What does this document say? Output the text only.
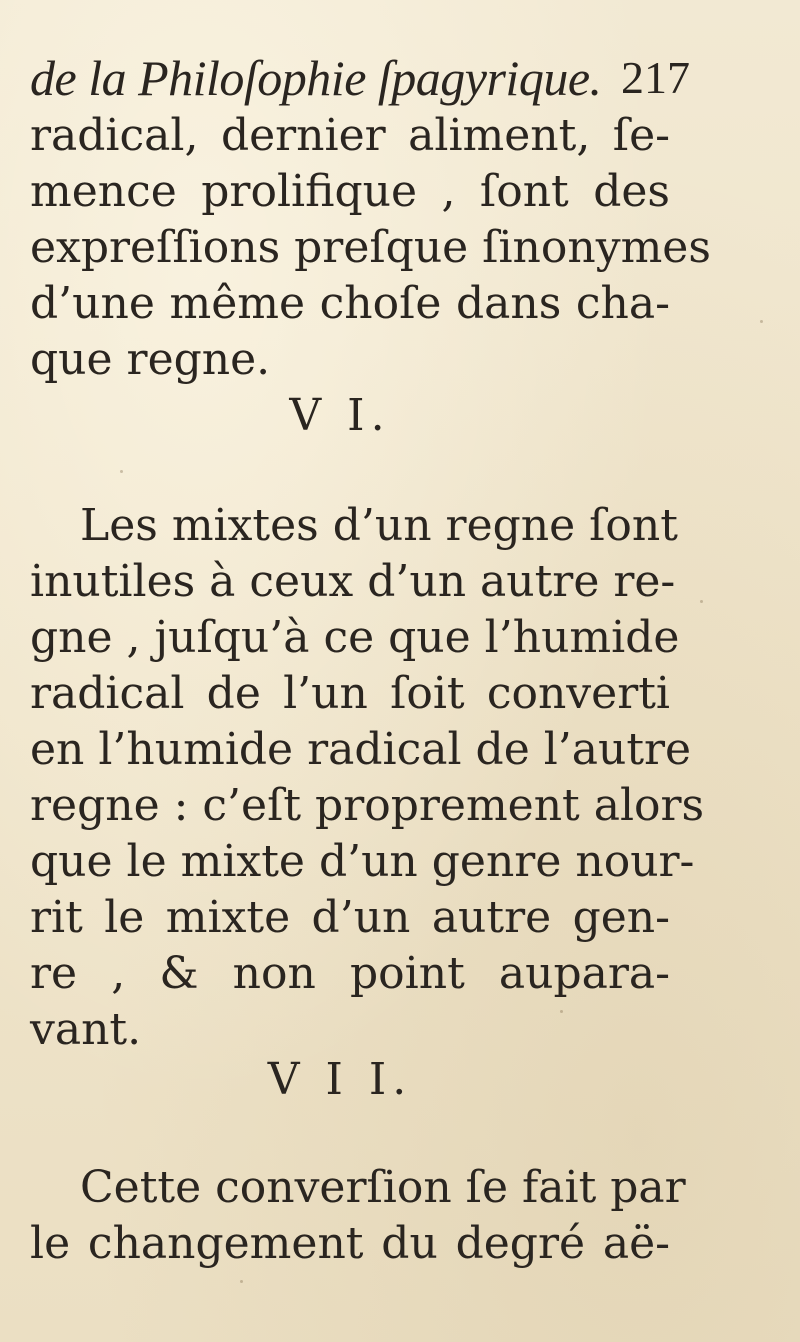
de la Philoſophie ſpagyrique. 217
radical, dernier aliment, ſe-
mence prolifique , ſont des
expreſſions preſque ſinonymes
d’une même choſe dans cha-
que regne.
V I.
Les mixtes d’un regne ſont
inutiles à ceux d’un autre re-
gne , juſqu’à ce que l’humide
radical de l’un ſoit converti
en l’humide radical de l’autre
regne : c’eſt proprement alors
que le mixte d’un genre nour-
rit le mixte d’un autre gen-
re , & non point aupara-
vant.
V I I.
Cette converſion ſe fait par
le changement du degré aë-
